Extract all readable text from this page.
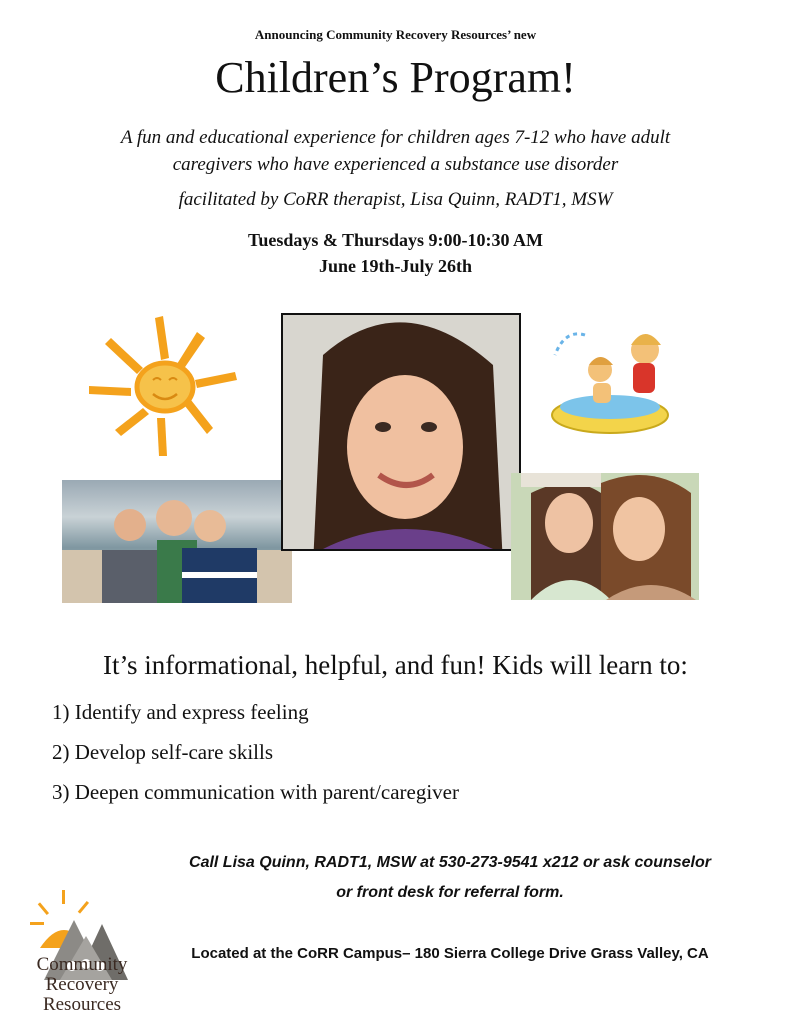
Announcing Community Recovery Resources’ new
Children’s Program!
A fun and educational experience for children ages 7-12 who have adult
caregivers who have experienced a substance use disorder
facilitated by CoRR therapist, Lisa Quinn, RADT1, MSW
Tuesdays & Thursdays 9:00-10:30 AM
June 19th-July 26th
It’s informational, helpful, and fun! Kids will learn to:
1) Identify and express feeling
2) Develop self-care skills
3) Deepen communication with parent/caregiver
Community
Recovery
Resources
Call Lisa Quinn, RADT1, MSW at 530-273-9541 x212 or ask counselor
or front desk for referral form.
Located at the CoRR Campus– 180 Sierra College Drive Grass Valley, CA
